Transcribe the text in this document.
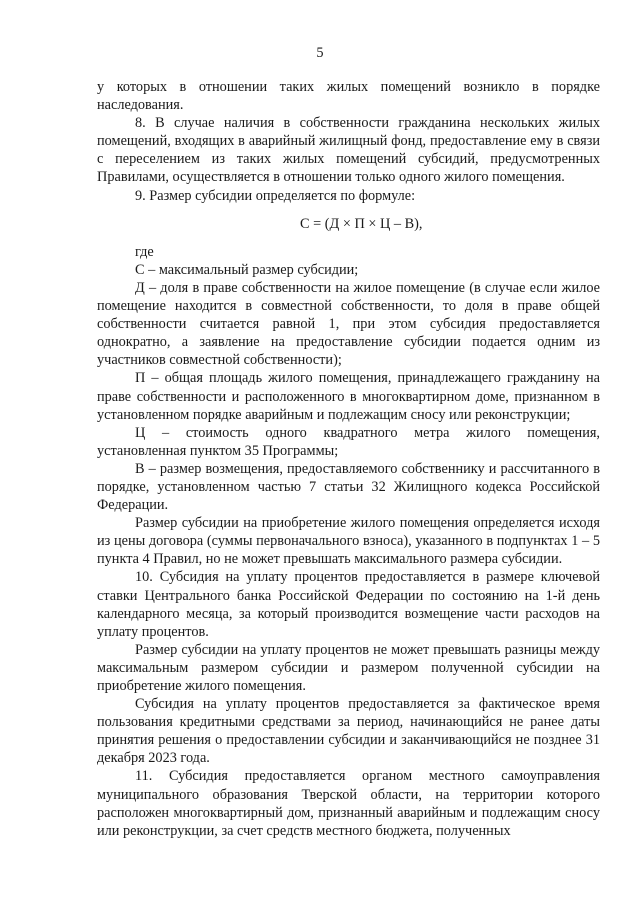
5

у которых в отношении таких жилых помещений возникло в порядке наследования.

8. В случае наличия в собственности гражданина нескольких жилых помещений, входящих в аварийный жилищный фонд, предоставление ему в связи с переселением из таких жилых помещений субсидий, предусмотренных Правилами, осуществляется в отношении только одного жилого помещения.

9. Размер субсидии определяется по формуле:

С = (Д × П × Ц – В),

где

С – максимальный размер субсидии;

Д – доля в праве собственности на жилое помещение (в случае если жилое помещение находится в совместной собственности, то доля в праве общей собственности считается равной 1, при этом субсидия предоставляется однократно, а заявление на предоставление субсидии подается одним из участников совместной собственности);

П – общая площадь жилого помещения, принадлежащего гражданину на праве собственности и расположенного в многоквартирном доме, признанном в установленном порядке аварийным и подлежащим сносу или реконструкции;

Ц – стоимость одного квадратного метра жилого помещения, установленная пунктом 35 Программы;

В – размер возмещения, предоставляемого собственнику и рассчитанного в порядке, установленном частью 7 статьи 32 Жилищного кодекса Российской Федерации.

Размер субсидии на приобретение жилого помещения определяется исходя из цены договора (суммы первоначального взноса), указанного в подпунктах 1 – 5 пункта 4 Правил, но не может превышать максимального размера субсидии.

10. Субсидия на уплату процентов предоставляется в размере ключевой ставки Центрального банка Российской Федерации по состоянию на 1-й день календарного месяца, за который производится возмещение части расходов на уплату процентов.

Размер субсидии на уплату процентов не может превышать разницы между максимальным размером субсидии и размером полученной субсидии на приобретение жилого помещения.

Субсидия на уплату процентов предоставляется за фактическое время пользования кредитными средствами за период, начинающийся не ранее даты принятия решения о предоставлении субсидии и заканчивающийся не позднее 31 декабря 2023 года.

11. Субсидия предоставляется органом местного самоуправления муниципального образования Тверской области, на территории которого расположен многоквартирный дом, признанный аварийным и подлежащим сносу или реконструкции, за счет средств местного бюджета, полученных
